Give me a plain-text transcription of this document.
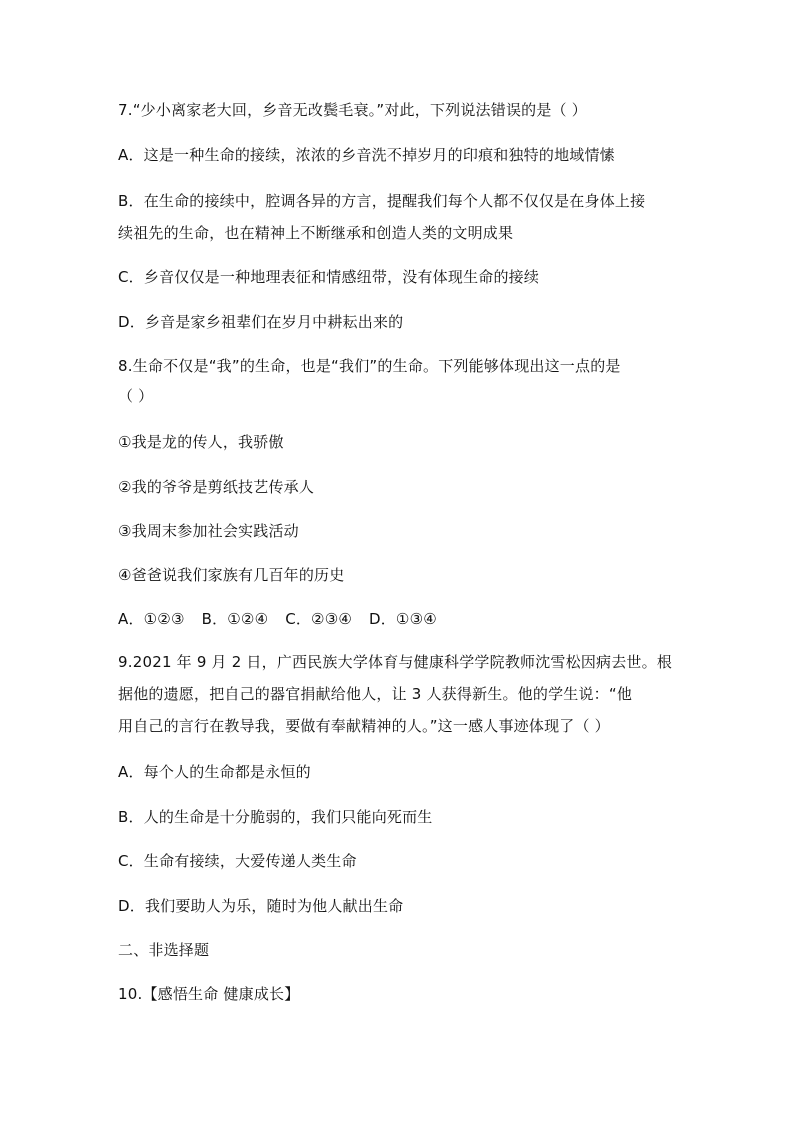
7.“少小离家老大回，乡音无改鬓毛衰。”对此，下列说法错误的是（ ）
A．这是一种生命的接续，浓浓的乡音洗不掉岁月的印痕和独特的地域情愫
B．在生命的接续中，腔调各异的方言，提醒我们每个人都不仅仅是在身体上接
续祖先的生命，也在精神上不断继承和创造人类的文明成果
C．乡音仅仅是一种地理表征和情感纽带，没有体现生命的接续
D．乡音是家乡祖辈们在岁月中耕耘出来的
8.生命不仅是“我”的生命，也是“我们”的生命。下列能够体现出这一点的是
（ ）
①我是龙的传人，我骄傲
②我的爷爷是剪纸技艺传承人
③我周末参加社会实践活动
④爸爸说我们家族有几百年的历史
A．①②③ B．①②④ C．②③④ D．①③④
9.2021 年 9 月 2 日，广西民族大学体育与健康科学学院教师沈雪松因病去世。根
据他的遗愿，把自己的器官捐献给他人，让 3 人获得新生。他的学生说：“他
用自己的言行在教导我，要做有奉献精神的人。”这一感人事迹体现了（ ）
A．每个人的生命都是永恒的
B．人的生命是十分脆弱的，我们只能向死而生
C．生命有接续，大爱传递人类生命
D．我们要助人为乐，随时为他人献出生命
二、非选择题
10.【感悟生命 健康成长】
